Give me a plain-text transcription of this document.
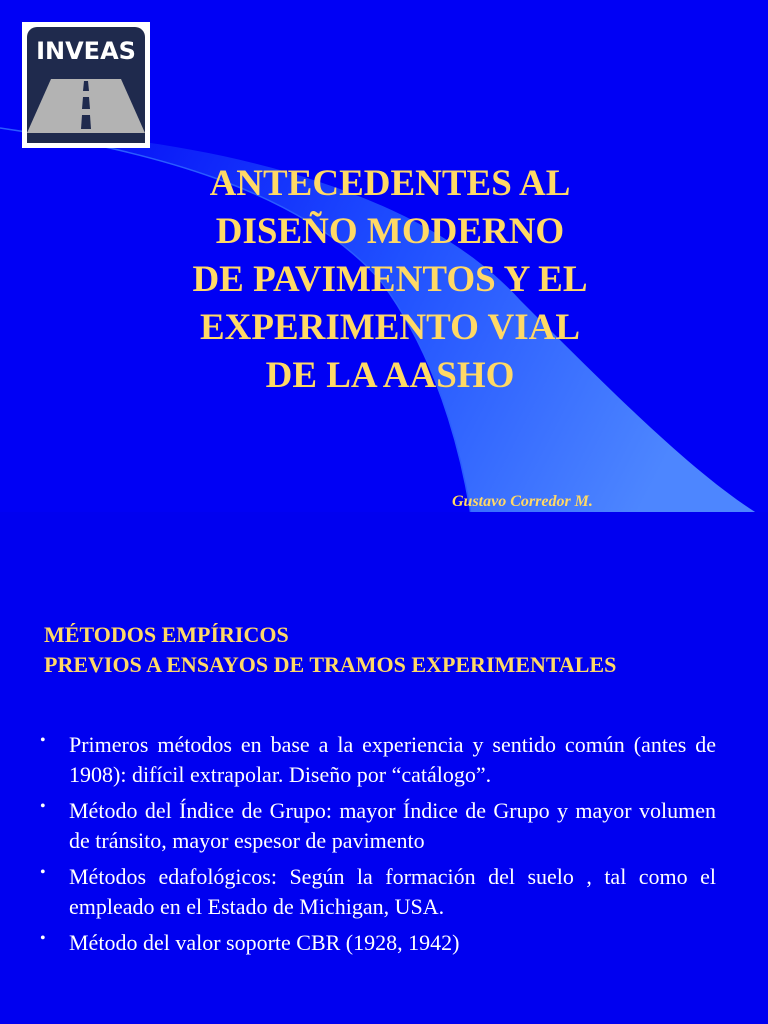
INVEAS
ANTECEDENTES AL
DISEÑO MODERNO
DE PAVIMENTOS Y EL
EXPERIMENTO VIAL
DE LA AASHO
Gustavo Corredor M.
MÉTODOS EMPÍRICOS
PREVIOS A ENSAYOS DE TRAMOS EXPERIMENTALES
• Primeros métodos en base a la experiencia y sentido común (antes de 1908): difícil extrapolar. Diseño por “catálogo”.
• Método del Índice de Grupo: mayor Índice de Grupo y mayor volumen de tránsito, mayor espesor de pavimento
• Métodos edafológicos: Según la formación del suelo , tal como el empleado en el Estado de Michigan, USA.
• Método del valor soporte CBR (1928, 1942)
